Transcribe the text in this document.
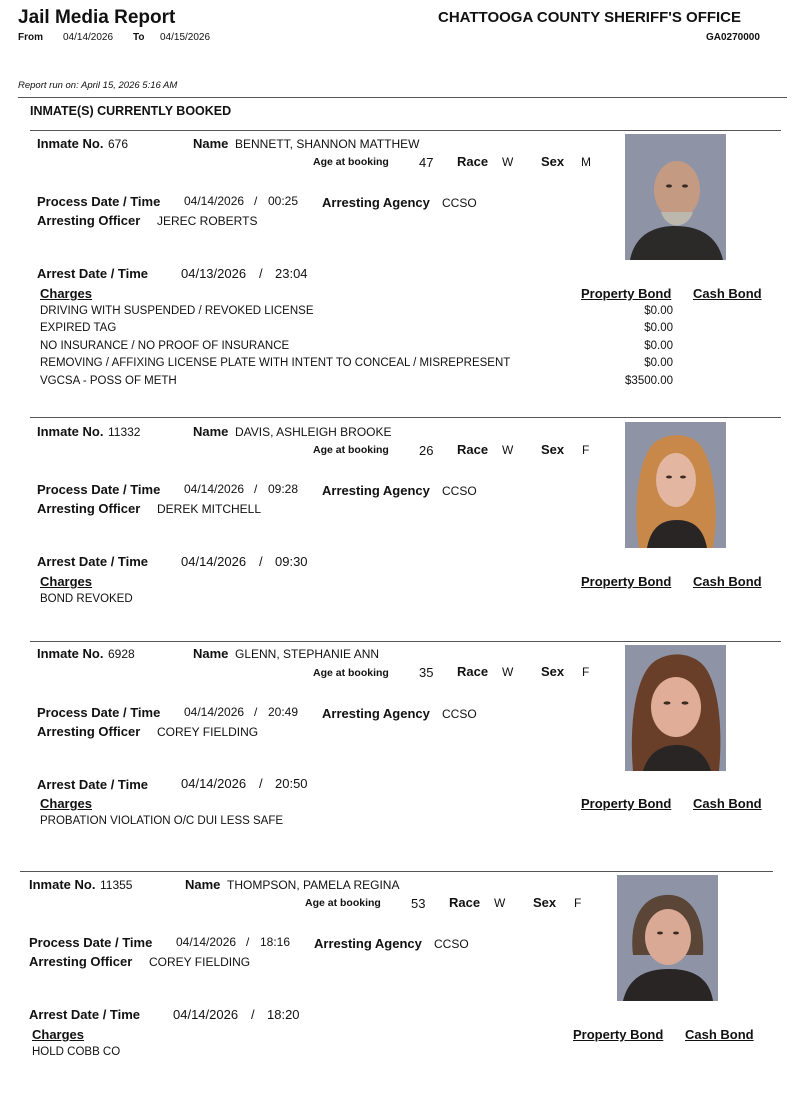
Jail Media Report	CHATTOOGA COUNTY SHERIFF'S OFFICE
From 04/14/2026 To 04/15/2026	GA0270000
Report run on: April 15, 2026 5:16 AM
INMATE(S) CURRENTLY BOOKED
Inmate No. 676	Name BENNETT, SHANNON MATTHEW
Age at booking 47 Race W Sex M
Process Date / Time 04/14/2026 / 00:25 Arresting Agency CCSO
Arresting Officer JEREC ROBERTS
Arrest Date / Time	04/13/2026 / 23:04
Charges	Property Bond Cash Bond
DRIVING WITH SUSPENDED / REVOKED LICENSE	$0.00
EXPIRED TAG	$0.00
NO INSURANCE / NO PROOF OF INSURANCE	$0.00
REMOVING / AFFIXING LICENSE PLATE WITH INTENT TO CONCEAL / MISREPRESENT	$0.00
VGCSA - POSS OF METH	$3500.00
Inmate No. 11332	Name DAVIS, ASHLEIGH BROOKE
Age at booking 26 Race W Sex F
Process Date / Time 04/14/2026 / 09:28 Arresting Agency CCSO
Arresting Officer DEREK MITCHELL
Arrest Date / Time	04/14/2026 / 09:30
Charges	Property Bond Cash Bond
BOND REVOKED
Inmate No. 6928	Name GLENN, STEPHANIE ANN
Age at booking 35 Race W Sex F
Process Date / Time 04/14/2026 / 20:49 Arresting Agency CCSO
Arresting Officer COREY FIELDING
Arrest Date / Time	04/14/2026 / 20:50
Charges	Property Bond Cash Bond
PROBATION VIOLATION O/C DUI LESS SAFE
Inmate No. 11355	Name THOMPSON, PAMELA REGINA
Age at booking 53 Race W Sex F
Process Date / Time 04/14/2026 / 18:16 Arresting Agency CCSO
Arresting Officer COREY FIELDING
Arrest Date / Time	04/14/2026 / 18:20
Charges	Property Bond Cash Bond
HOLD COBB CO
